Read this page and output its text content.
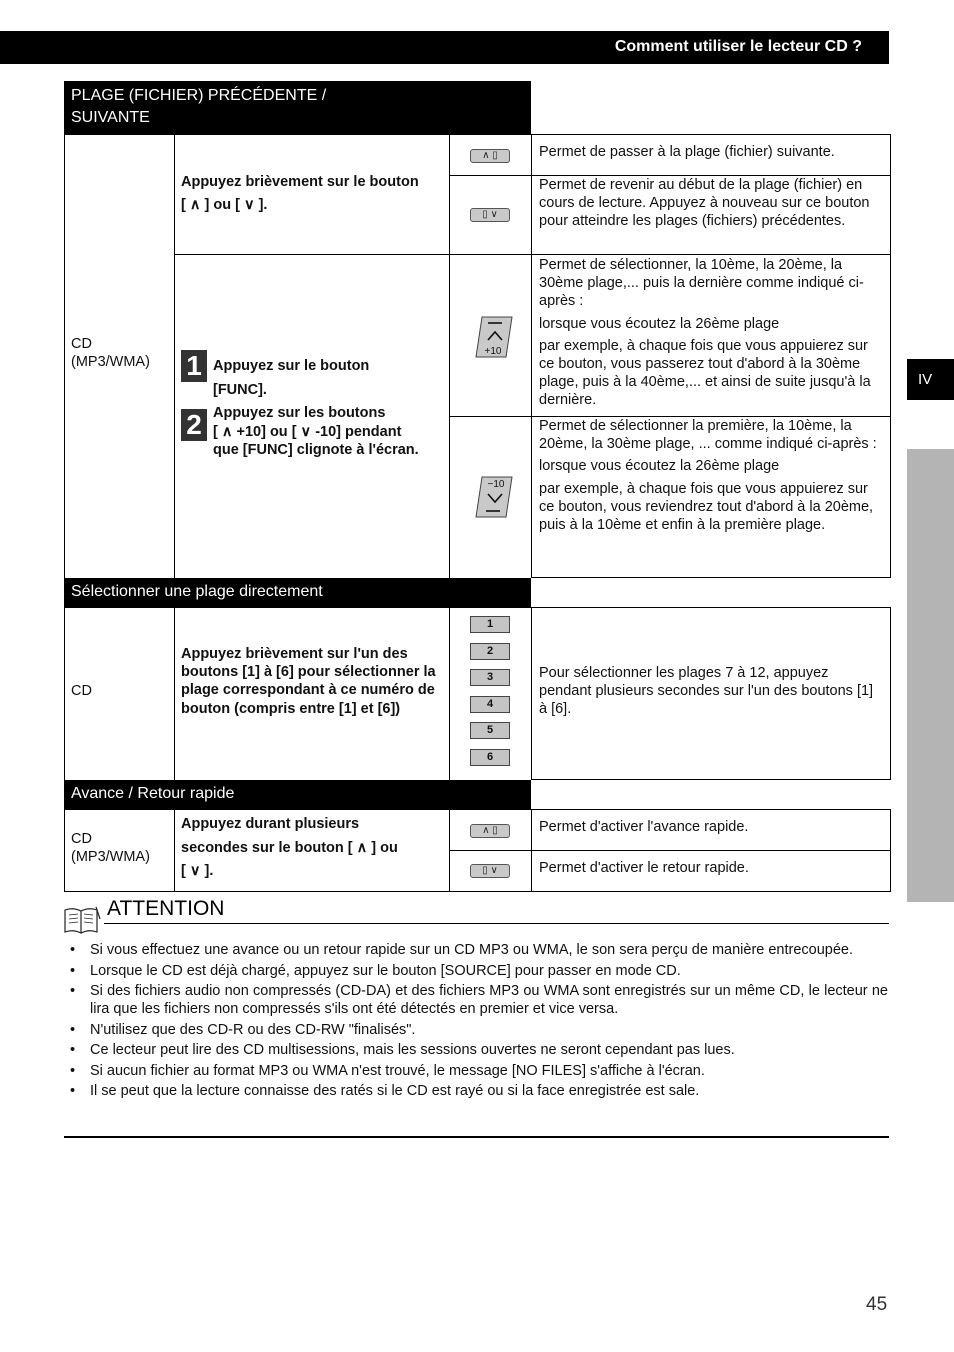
Comment utiliser le lecteur CD ?
IV
PLAGE (FICHIER) PRÉCÉDENTE /
SUIVANTE
CD
(MP3/WMA)
Appuyez brièvement sur le bouton
[ ∧ ] ou [ ∨ ].
∧ ▯
▯ ∨
Permet de passer à la plage (fichier) suivante.
Permet de revenir au début de la plage (fichier) en cours de lecture. Appuyez à nouveau sur ce bouton pour atteindre les plages (fichiers) précédentes.
1 Appuyez sur le bouton
[FUNC].
2 Appuyez sur les boutons
[ ∧ +10] ou [ ∨ -10] pendant
que [FUNC] clignote à l'écran.
+10
−10
Permet de sélectionner, la 10ème, la 20ème, la 30ème plage,... puis la dernière comme indiqué ci-après :
lorsque vous écoutez la 26ème plage
par exemple, à chaque fois que vous appuierez sur ce bouton, vous passerez tout d'abord à la 30ème plage, puis à la 40ème,... et ainsi de suite jusqu'à la dernière.
Permet de sélectionner la première, la 10ème, la 20ème, la 30ème plage, ... comme indiqué ci-après :
lorsque vous écoutez la 26ème plage
par exemple, à chaque fois que vous appuierez sur ce bouton, vous reviendrez tout d'abord à la 20ème, puis à la 10ème et enfin à la première plage.
Sélectionner une plage directement
CD
Appuyez brièvement sur l'un des boutons [1] à [6] pour sélectionner la plage correspondant à ce numéro de bouton (compris entre [1] et [6])
1
2
3
4
5
6
Pour sélectionner les plages 7 à 12, appuyez pendant plusieurs secondes sur l'un des boutons [1] à [6].
Avance / Retour rapide
CD
(MP3/WMA)
Appuyez durant plusieurs
secondes sur le bouton [ ∧ ] ou
[ ∨ ].
∧ ▯
▯ ∨
Permet d'activer l'avance rapide.
Permet d'activer le retour rapide.
ATTENTION
• Si vous effectuez une avance ou un retour rapide sur un CD MP3 ou WMA, le son sera perçu de manière entrecoupée.
• Lorsque le CD est déjà chargé, appuyez sur le bouton [SOURCE] pour passer en mode CD.
• Si des fichiers audio non compressés (CD-DA) et des fichiers MP3 ou WMA sont enregistrés sur un même CD, le lecteur ne lira que les fichiers non compressés s'ils ont été détectés en premier et vice versa.
• N'utilisez que des CD-R ou des CD-RW "finalisés".
• Ce lecteur peut lire des CD multisessions, mais les sessions ouvertes ne seront cependant pas lues.
• Si aucun fichier au format MP3 ou WMA n'est trouvé, le message [NO FILES] s'affiche à l'écran.
• Il se peut que la lecture connaisse des ratés si le CD est rayé ou si la face enregistrée est sale.
45
